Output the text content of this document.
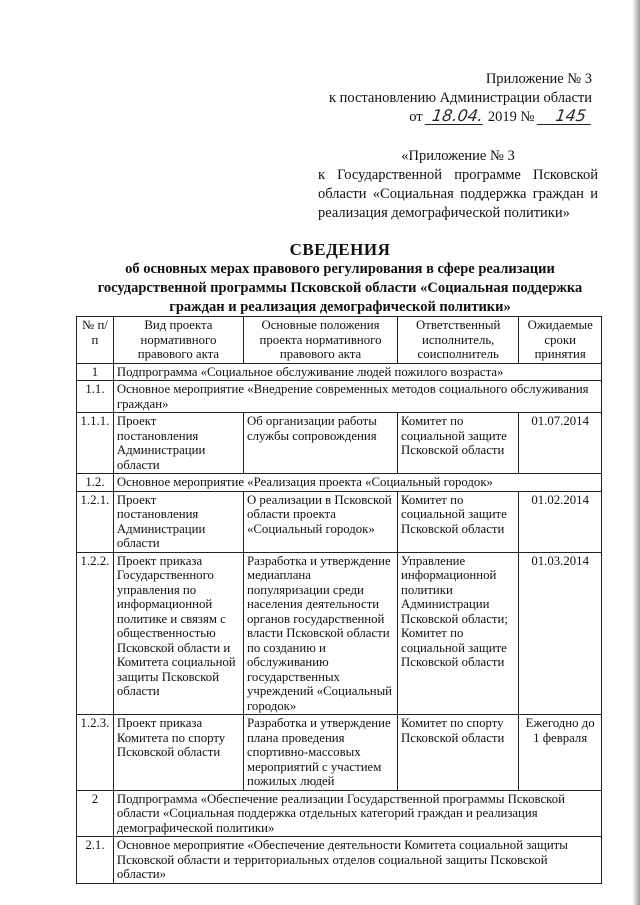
Приложение № 3
к постановлению Администрации области
от 18.04. 2019 № 145
«Приложение № 3
к Государственной программе Псковской области «Социальная поддержка граждан и реализация демографической политики»
СВЕДЕНИЯ
об основных мерах правового регулирования в сфере реализации государственной программы Псковской области «Социальная поддержка граждан и реализация демографической политики»
№ п/п	Вид проекта нормативного правового акта	Основные положения проекта нормативного правового акта	Ответственный исполнитель, соисполнитель	Ожидаемые сроки принятия
1	Подпрограмма «Социальное обслуживание людей пожилого возраста»			
1.1.	Основное мероприятие «Внедрение современных методов социального обслуживания граждан»			
1.1.1.	Проект постановления Администрации области	Об организации работы службы сопровождения	Комитет по социальной защите Псковской области	01.07.2014
1.2.	Основное мероприятие «Реализация проекта «Социальный городок»			
1.2.1.	Проект постановления Администрации области	О реализации в Псковской области проекта «Социальный городок»	Комитет по социальной защите Псковской области	01.02.2014
1.2.2.	Проект приказа Государственного управления по информационной политике и связям с общественностью Псковской области и Комитета социальной защиты Псковской области	Разработка и утверждение медиаплана популяризации среди населения деятельности органов государственной власти Псковской области по созданию и обслуживанию государственных учреждений «Социальный городок»	Управление информационной политики Администрации Псковской области; Комитет по социальной защите Псковской области	01.03.2014
1.2.3.	Проект приказа Комитета по спорту Псковской области	Разработка и утверждение плана проведения спортивно-массовых мероприятий с участием пожилых людей	Комитет по спорту Псковской области	Ежегодно до 1 февраля
2	Подпрограмма «Обеспечение реализации Государственной программы Псковской области «Социальная поддержка отдельных категорий граждан и реализация демографической политики»			
2.1.	Основное мероприятие «Обеспечение деятельности Комитета социальной защиты Псковской области и территориальных отделов социальной защиты Псковской области»			
